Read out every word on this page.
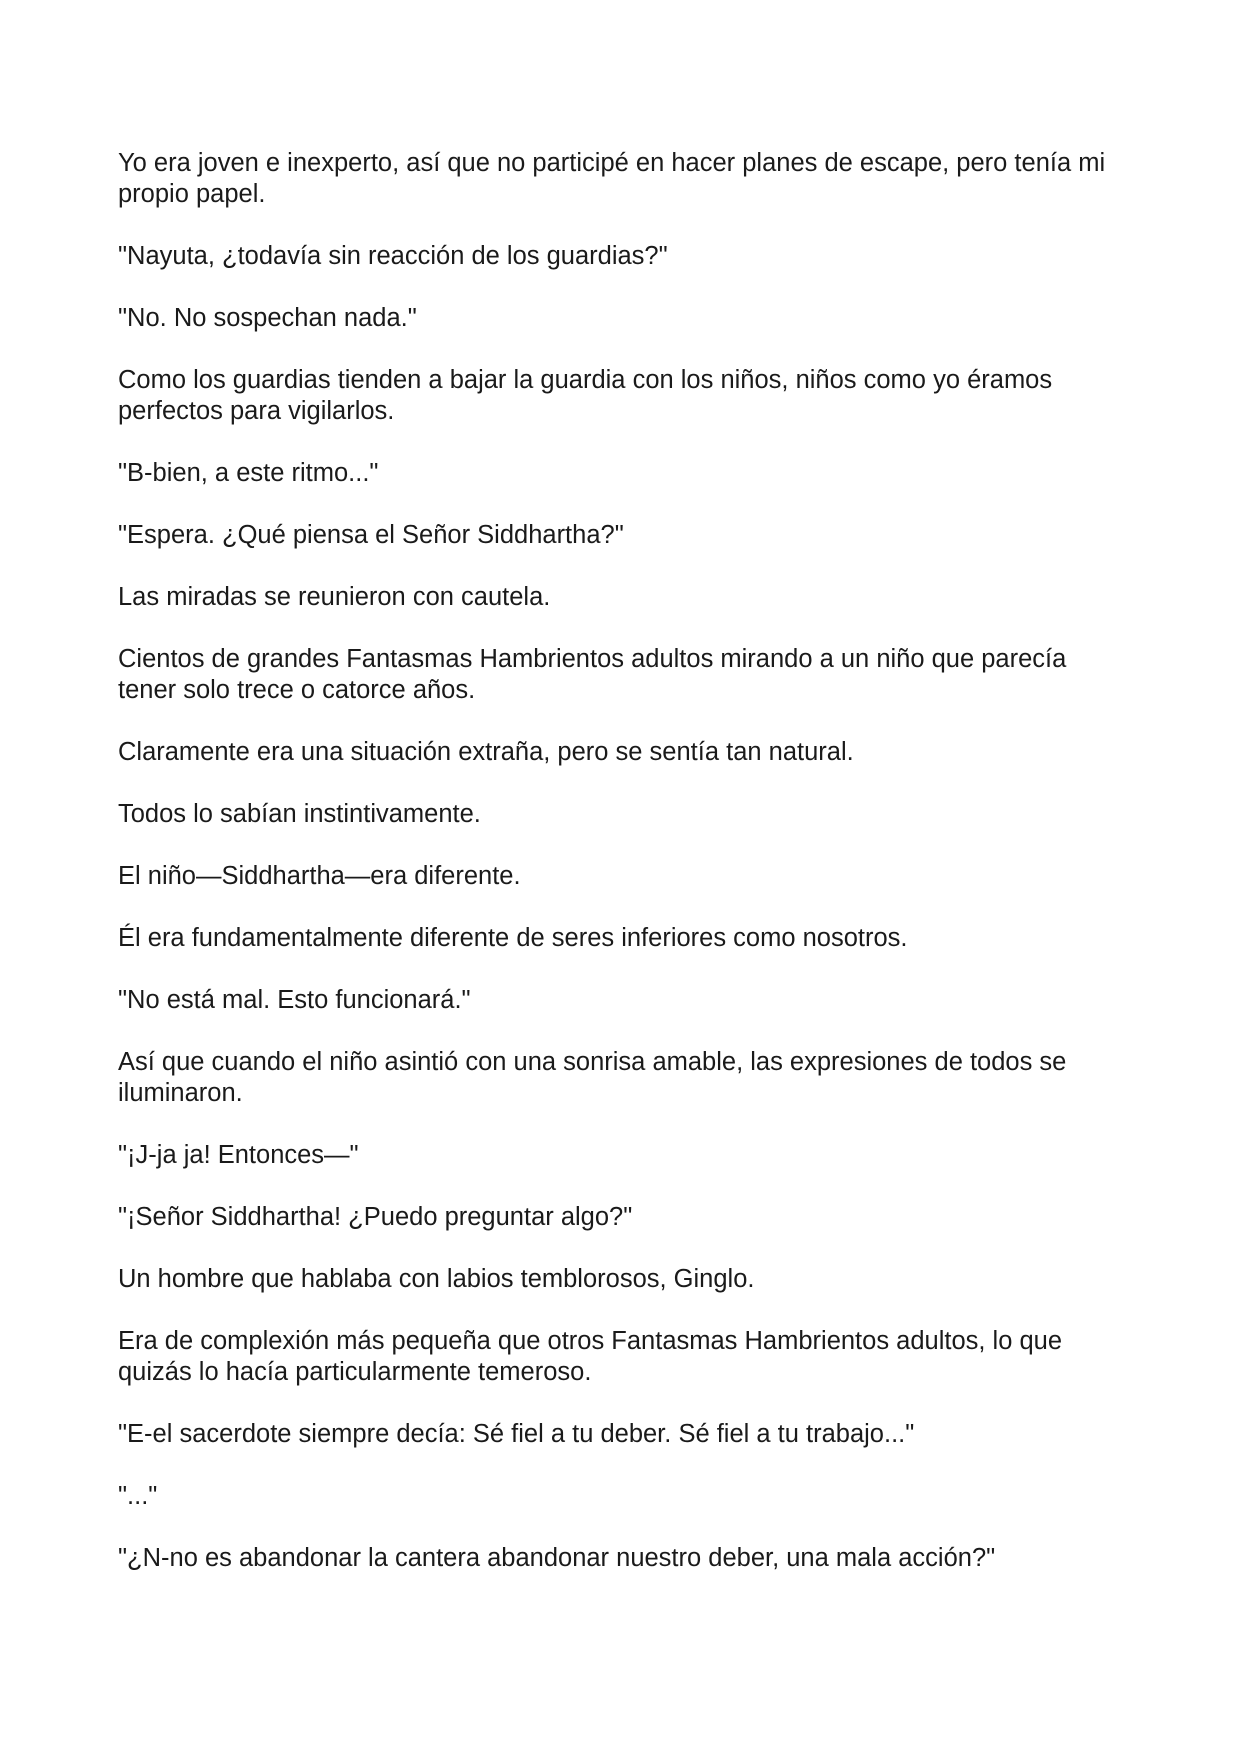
Yo era joven e inexperto, así que no participé en hacer planes de escape, pero tenía mi propio papel.

"Nayuta, ¿todavía sin reacción de los guardias?"

"No. No sospechan nada."

Como los guardias tienden a bajar la guardia con los niños, niños como yo éramos perfectos para vigilarlos.

"B-bien, a este ritmo..."

"Espera. ¿Qué piensa el Señor Siddhartha?"

Las miradas se reunieron con cautela.

Cientos de grandes Fantasmas Hambrientos adultos mirando a un niño que parecía tener solo trece o catorce años.

Claramente era una situación extraña, pero se sentía tan natural.

Todos lo sabían instintivamente.

El niño—Siddhartha—era diferente.

Él era fundamentalmente diferente de seres inferiores como nosotros.

"No está mal. Esto funcionará."

Así que cuando el niño asintió con una sonrisa amable, las expresiones de todos se iluminaron.

"¡J-ja ja! Entonces—"

"¡Señor Siddhartha! ¿Puedo preguntar algo?"

Un hombre que hablaba con labios temblorosos, Ginglo.

Era de complexión más pequeña que otros Fantasmas Hambrientos adultos, lo que quizás lo hacía particularmente temeroso.

"E-el sacerdote siempre decía: Sé fiel a tu deber. Sé fiel a tu trabajo..."

"..."

"¿N-no es abandonar la cantera abandonar nuestro deber, una mala acción?"
